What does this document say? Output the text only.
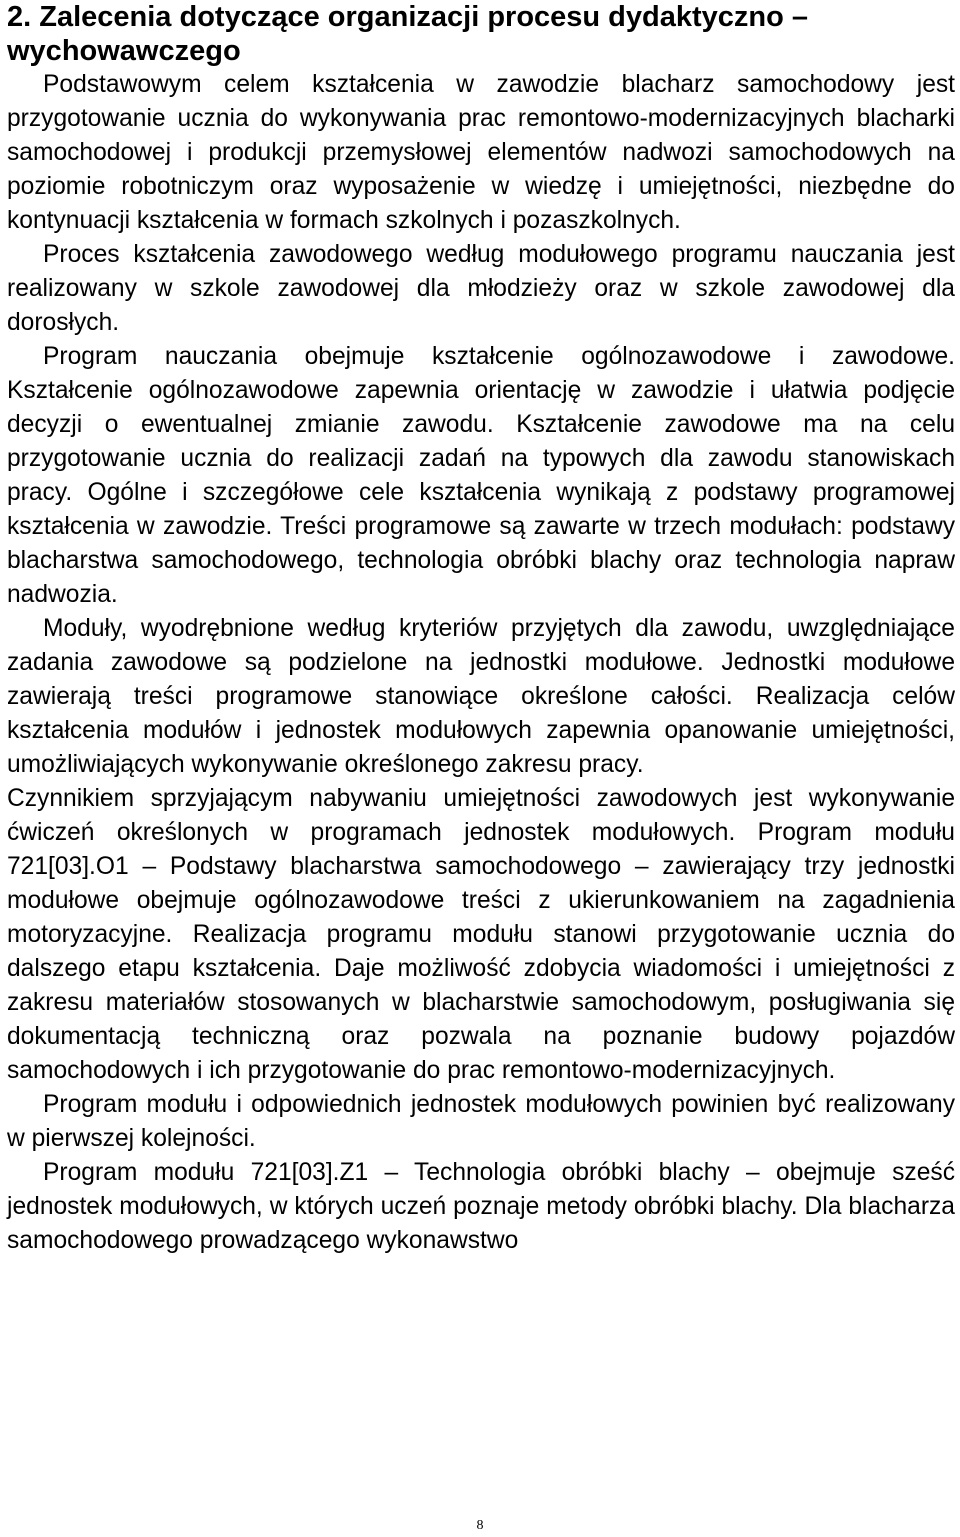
2. Zalecenia dotyczące organizacji procesu dydaktyczno – wychowawczego

Podstawowym celem kształcenia w zawodzie blacharz samochodowy jest przygotowanie ucznia do wykonywania prac remontowo-modernizacyjnych blacharki samochodowej i produkcji przemysłowej elementów nadwozi samochodowych na poziomie robotniczym oraz wyposażenie w wiedzę i umiejętności, niezbędne do kontynuacji kształcenia w formach szkolnych i pozaszkolnych.

Proces kształcenia zawodowego według modułowego programu nauczania jest realizowany w szkole zawodowej dla młodzieży oraz w szkole zawodowej dla dorosłych.

Program nauczania obejmuje kształcenie ogólnozawodowe i zawodowe. Kształcenie ogólnozawodowe zapewnia orientację w zawodzie i ułatwia podjęcie decyzji o ewentualnej zmianie zawodu. Kształcenie zawodowe ma na celu przygotowanie ucznia do realizacji zadań na typowych dla zawodu stanowiskach pracy. Ogólne i szczegółowe cele kształcenia wynikają z podstawy programowej kształcenia w zawodzie. Treści programowe są zawarte w trzech modułach: podstawy blacharstwa samochodowego, technologia obróbki blachy oraz technologia napraw nadwozia.

Moduły, wyodrębnione według kryteriów przyjętych dla zawodu, uwzględniające zadania zawodowe są podzielone na jednostki modułowe. Jednostki modułowe zawierają treści programowe stanowiące określone całości. Realizacja celów kształcenia modułów i jednostek modułowych zapewnia opanowanie umiejętności, umożliwiających wykonywanie określonego zakresu pracy.

Czynnikiem sprzyjającym nabywaniu umiejętności zawodowych jest wykonywanie ćwiczeń określonych w programach jednostek modułowych. Program modułu 721[03].O1 – Podstawy blacharstwa samochodowego – zawierający trzy jednostki modułowe obejmuje ogólnozawodowe treści z ukierunkowaniem na zagadnienia motoryzacyjne. Realizacja programu modułu stanowi przygotowanie ucznia do dalszego etapu kształcenia. Daje możliwość zdobycia wiadomości i umiejętności z zakresu materiałów stosowanych w blacharstwie samochodowym, posługiwania się dokumentacją techniczną oraz pozwala na poznanie budowy pojazdów samochodowych i ich przygotowanie do prac remontowo-modernizacyjnych.

Program modułu i odpowiednich jednostek modułowych powinien być realizowany w pierwszej kolejności.

Program modułu 721[03].Z1 – Technologia obróbki blachy – obejmuje sześć jednostek modułowych, w których uczeń poznaje metody obróbki blachy. Dla blacharza samochodowego prowadzącego wykonawstwo

8
